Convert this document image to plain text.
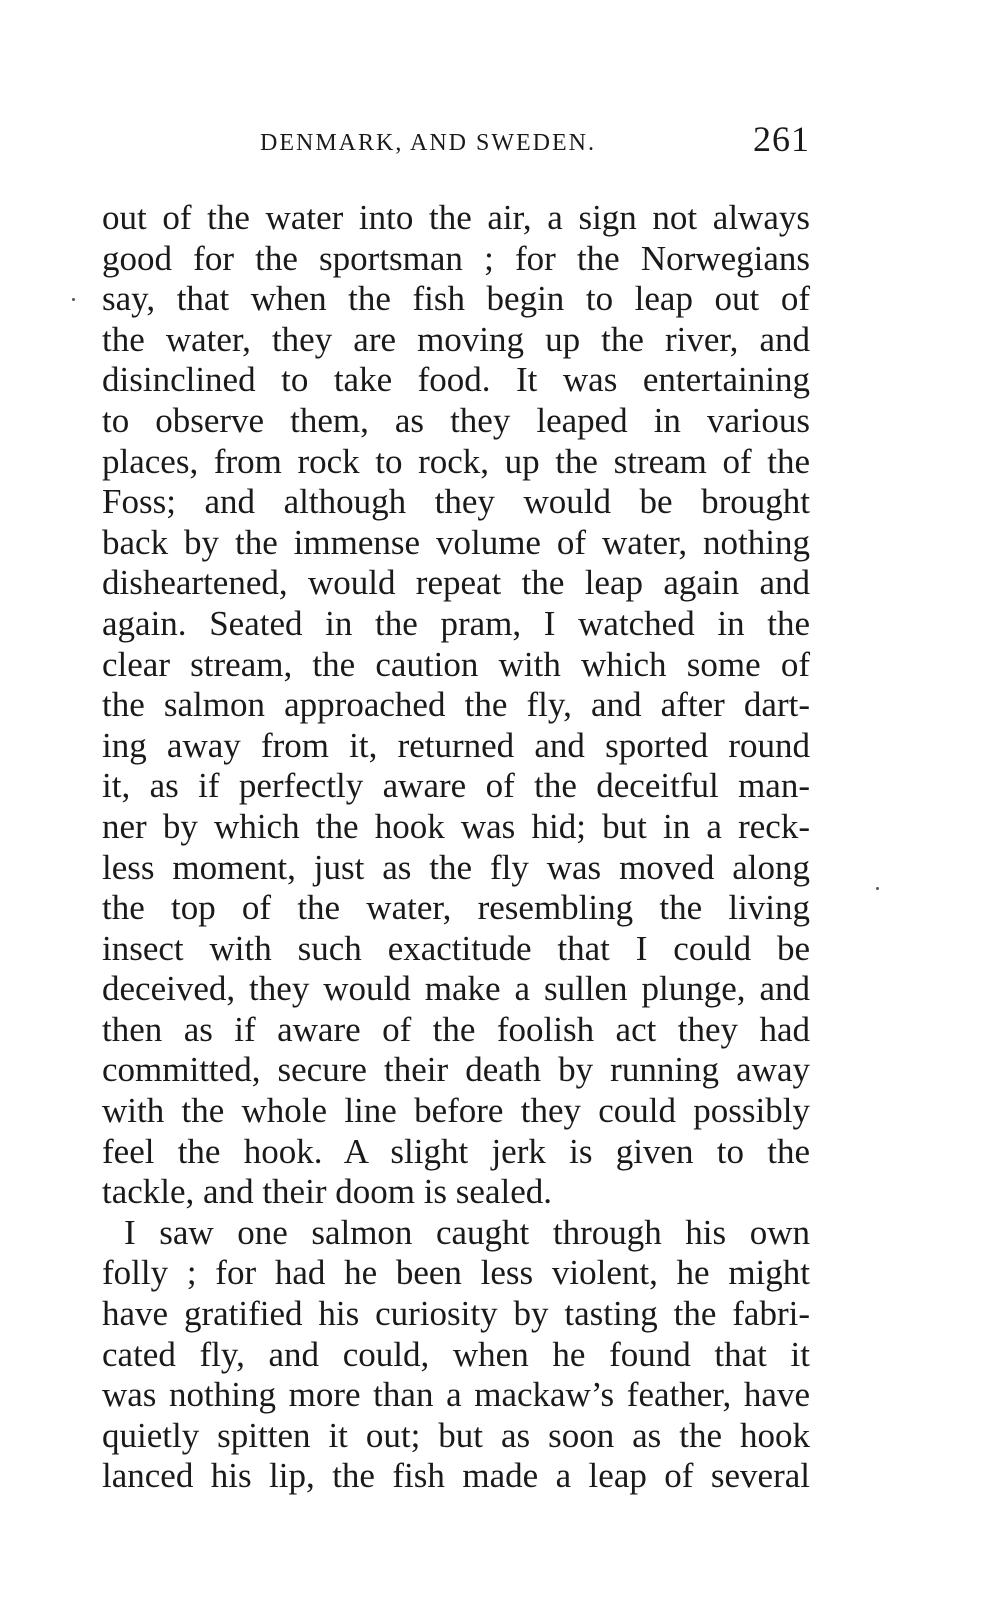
DENMARK, AND SWEDEN.	261
out of the water into the air, a sign not always
good for the sportsman ; for the Norwegians
say, that when the fish begin to leap out of
the water, they are moving up the river, and
disinclined to take food. It was entertaining
to observe them, as they leaped in various
places, from rock to rock, up the stream of the
Foss; and although they would be brought
back by the immense volume of water, nothing
disheartened, would repeat the leap again and
again. Seated in the pram, I watched in the
clear stream, the caution with which some of
the salmon approached the fly, and after dart-
ing away from it, returned and sported round
it, as if perfectly aware of the deceitful man-
ner by which the hook was hid; but in a reck-
less moment, just as the fly was moved along
the top of the water, resembling the living
insect with such exactitude that I could be
deceived, they would make a sullen plunge, and
then as if aware of the foolish act they had
committed, secure their death by running away
with the whole line before they could possibly
feel the hook. A slight jerk is given to the
tackle, and their doom is sealed.
I saw one salmon caught through his own
folly ; for had he been less violent, he might
have gratified his curiosity by tasting the fabri-
cated fly, and could, when he found that it
was nothing more than a mackaw’s feather, have
quietly spitten it out; but as soon as the hook
lanced his lip, the fish made a leap of several
